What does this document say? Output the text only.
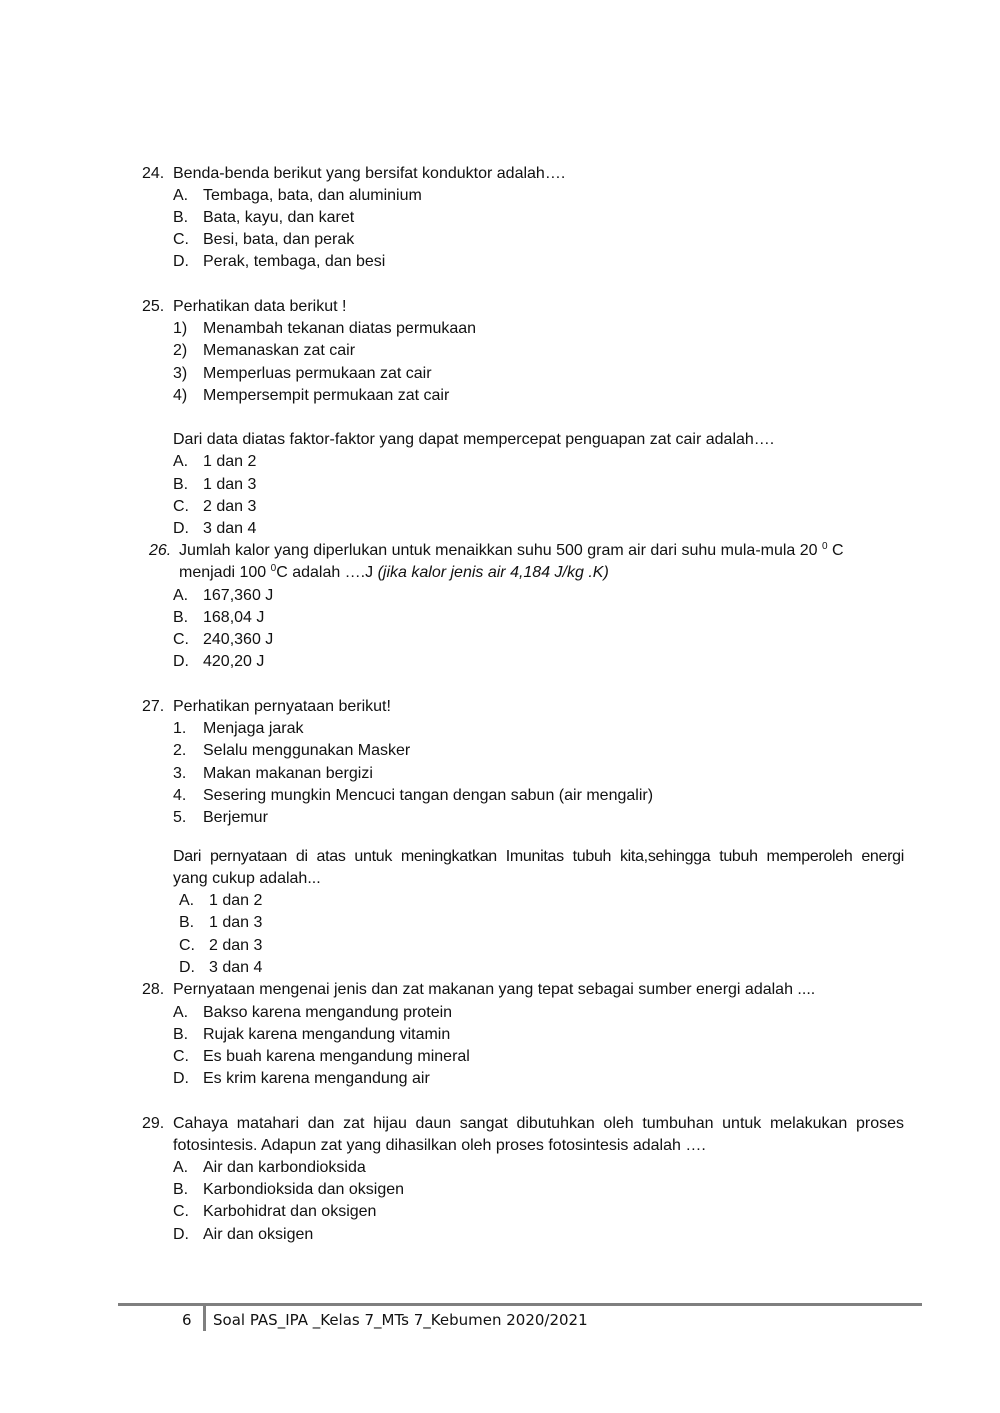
24. Benda-benda berikut yang bersifat konduktor adalah….
A. Tembaga, bata, dan aluminium
B. Bata, kayu, dan karet
C. Besi, bata, dan perak
D. Perak, tembaga, dan besi
25. Perhatikan data berikut !
1) Menambah tekanan diatas permukaan
2) Memanaskan zat cair
3) Memperluas permukaan zat cair
4) Mempersempit permukaan zat cair
Dari data diatas faktor-faktor yang dapat mempercepat penguapan zat cair adalah….
A. 1 dan 2
B. 1 dan 3
C. 2 dan 3
D. 3 dan 4
26. Jumlah kalor yang diperlukan untuk menaikkan suhu 500 gram air dari suhu mula-mula 20 $^0$ C
menjadi 100 $^0$C adalah ….J (jika kalor jenis air 4,184 J/kg .K)
A. 167,360 J
B. 168,04 J
C. 240,360 J
D. 420,20 J
27. Perhatikan pernyataan berikut!
1. Menjaga jarak
2. Selalu menggunakan Masker
3. Makan makanan bergizi
4. Sesering mungkin Mencuci tangan dengan sabun (air mengalir)
5. Berjemur
Dari pernyataan di atas untuk meningkatkan Imunitas tubuh kita,sehingga tubuh memperoleh energi
yang cukup adalah...
A. 1 dan 2
B. 1 dan 3
C. 2 dan 3
D. 3 dan 4
28. Pernyataan mengenai jenis dan zat makanan yang tepat sebagai sumber energi adalah ....
A. Bakso karena mengandung protein
B. Rujak karena mengandung vitamin
C. Es buah karena mengandung mineral
D. Es krim karena mengandung air
29. Cahaya matahari dan zat hijau daun sangat dibutuhkan oleh tumbuhan untuk melakukan proses
fotosintesis. Adapun zat yang dihasilkan oleh proses fotosintesis adalah ….
A. Air dan karbondioksida
B. Karbondioksida dan oksigen
C. Karbohidrat dan oksigen
D. Air dan oksigen
6 Soal PAS_IPA _Kelas 7_MTs 7_Kebumen 2020/2021
